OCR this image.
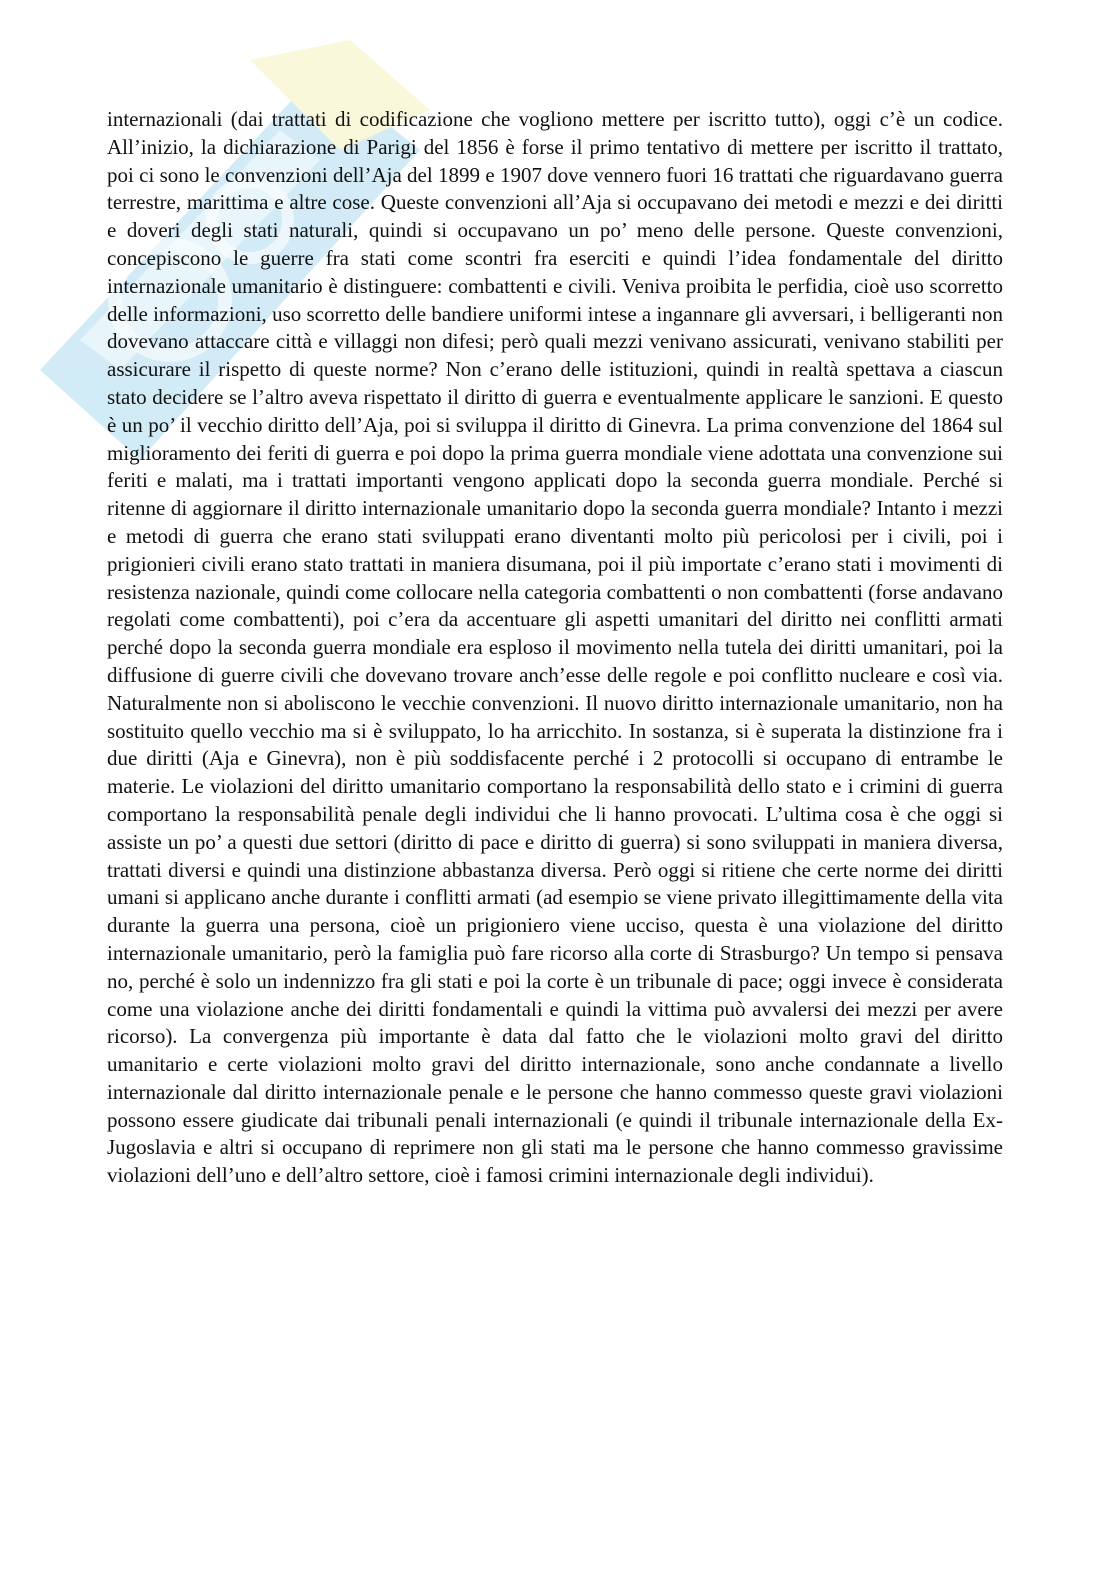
internazionali (dai trattati di codificazione che vogliono mettere per iscritto tutto), oggi c’è un codice. All’inizio, la dichiarazione di Parigi del 1856 è forse il primo tentativo di mettere per iscritto il trattato, poi ci sono le convenzioni dell’Aja del 1899 e 1907 dove vennero fuori 16 trattati che riguardavano guerra terrestre, marittima e altre cose. Queste convenzioni all’Aja si occupavano dei metodi e mezzi e dei diritti e doveri degli stati naturali, quindi si occupavano un po’ meno delle persone. Queste convenzioni, concepiscono le guerre fra stati come scontri fra eserciti e quindi l’idea fondamentale del diritto internazionale umanitario è distinguere: combattenti e civili. Veniva proibita le perfidia, cioè uso scorretto delle informazioni, uso scorretto delle bandiere uniformi intese a ingannare gli avversari, i belligeranti non dovevano attaccare città e villaggi non difesi; però quali mezzi venivano assicurati, venivano stabiliti per assicurare il rispetto di queste norme? Non c’erano delle istituzioni, quindi in realtà spettava a ciascun stato decidere se l’altro aveva rispettato il diritto di guerra e eventualmente applicare le sanzioni. E questo è un po’ il vecchio diritto dell’Aja, poi si sviluppa il diritto di Ginevra. La prima convenzione del 1864 sul miglioramento dei feriti di guerra e poi dopo la prima guerra mondiale viene adottata una convenzione sui feriti e malati, ma i trattati importanti vengono applicati dopo la seconda guerra mondiale. Perché si ritenne di aggiornare il diritto internazionale umanitario dopo la seconda guerra mondiale? Intanto i mezzi e metodi di guerra che erano stati sviluppati erano diventanti molto più pericolosi per i civili, poi i prigionieri civili erano stato trattati in maniera disumana, poi il più importate c’erano stati i movimenti di resistenza nazionale, quindi come collocare nella categoria combattenti o non combattenti (forse andavano regolati come combattenti), poi c’era da accentuare gli aspetti umanitari del diritto nei conflitti armati perché dopo la seconda guerra mondiale era esploso il movimento nella tutela dei diritti umanitari, poi la diffusione di guerre civili che dovevano trovare anch’esse delle regole e poi conflitto nucleare e così via. Naturalmente non si aboliscono le vecchie convenzioni. Il nuovo diritto internazionale umanitario, non ha sostituito quello vecchio ma si è sviluppato, lo ha arricchito. In sostanza, si è superata la distinzione fra i due diritti (Aja e Ginevra), non è più soddisfacente perché i 2 protocolli si occupano di entrambe le materie. Le violazioni del diritto umanitario comportano la responsabilità dello stato e i crimini di guerra comportano la responsabilità penale degli individui che li hanno provocati. L’ultima cosa è che oggi si assiste un po’ a questi due settori (diritto di pace e diritto di guerra) si sono sviluppati in maniera diversa, trattati diversi e quindi una distinzione abbastanza diversa. Però oggi si ritiene che certe norme dei diritti umani si applicano anche durante i conflitti armati (ad esempio se viene privato illegittimamente della vita durante la guerra una persona, cioè un prigioniero viene ucciso, questa è una violazione del diritto internazionale umanitario, però la famiglia può fare ricorso alla corte di Strasburgo? Un tempo si pensava no, perché è solo un indennizzo fra gli stati e poi la corte è un tribunale di pace; oggi invece è considerata come una violazione anche dei diritti fondamentali e quindi la vittima può avvalersi dei mezzi per avere ricorso). La convergenza più importante è data dal fatto che le violazioni molto gravi del diritto umanitario e certe violazioni molto gravi del diritto internazionale, sono anche condannate a livello internazionale dal diritto internazionale penale e le persone che hanno commesso queste gravi violazioni possono essere giudicate dai tribunali penali internazionali (e quindi il tribunale internazionale della Ex-Jugoslavia e altri si occupano di reprimere non gli stati ma le persone che hanno commesso gravissime violazioni dell’uno e dell’altro settore, cioè i famosi crimini internazionale degli individui).
